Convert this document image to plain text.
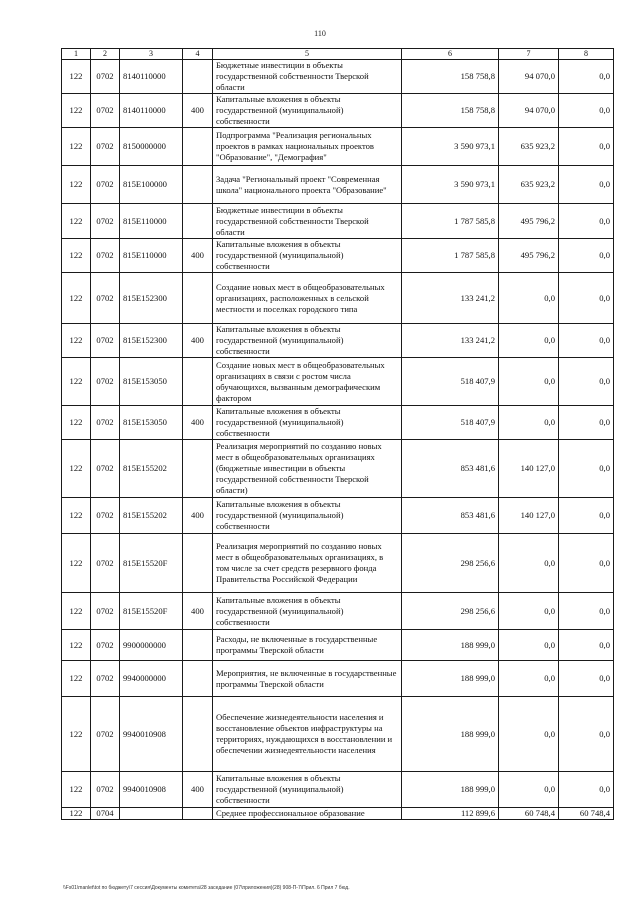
110
1	2	3	4	5	6	7	8
122	0702	8140110000		Бюджетные инвестиции в объекты государственной собственности Тверской области	158 758,8	94 070,0	0,0
122	0702	8140110000	400	Капитальные вложения в объекты государственной (муниципальной) собственности	158 758,8	94 070,0	0,0
122	0702	8150000000		Подпрограмма "Реализация региональных проектов в рамках национальных проектов "Образование", "Демография"	3 590 973,1	635 923,2	0,0
122	0702	815Е100000		Задача "Региональный проект "Современная школа" национального проекта "Образование"	3 590 973,1	635 923,2	0,0
122	0702	815Е110000		Бюджетные инвестиции в объекты государственной собственности Тверской области	1 787 585,8	495 796,2	0,0
122	0702	815Е110000	400	Капитальные вложения в объекты государственной (муниципальной) собственности	1 787 585,8	495 796,2	0,0
122	0702	815Е152300		Создание новых мест в общеобразовательных организациях, расположенных в сельской местности и поселках городского типа	133 241,2	0,0	0,0
122	0702	815Е152300	400	Капитальные вложения в объекты государственной (муниципальной) собственности	133 241,2	0,0	0,0
122	0702	815Е153050		Создание новых мест в общеобразовательных организациях в связи с ростом числа обучающихся, вызванным демографическим фактором	518 407,9	0,0	0,0
122	0702	815Е153050	400	Капитальные вложения в объекты государственной (муниципальной) собственности	518 407,9	0,0	0,0
122	0702	815Е155202		Реализация мероприятий по созданию новых мест в общеобразовательных организациях (бюджетные инвестиции в объекты государственной собственности Тверской области)	853 481,6	140 127,0	0,0
122	0702	815Е155202	400	Капитальные вложения в объекты государственной (муниципальной) собственности	853 481,6	140 127,0	0,0
122	0702	815Е15520F		Реализация мероприятий по созданию новых мест в общеобразовательных организациях, в том числе за счет средств резервного фонда Правительства Российской Федерации	298 256,6	0,0	0,0
122	0702	815Е15520F	400	Капитальные вложения в объекты государственной (муниципальной) собственности	298 256,6	0,0	0,0
122	0702	9900000000		Расходы, не включенные в государственные программы Тверской области	188 999,0	0,0	0,0
122	0702	9940000000		Мероприятия, не включенные в государственные программы Тверской области	188 999,0	0,0	0,0
122	0702	9940010908		Обеспечение жизнедеятельности населения и восстановление объектов инфраструктуры на территориях, нуждающихся в восстановлении и обеспечении жизнедеятельности населения	188 999,0	0,0	0,0
122	0702	9940010908	400	Капитальные вложения в объекты государственной (муниципальной) собственности	188 999,0	0,0	0,0
122	0704			Среднее профессиональное образование	112 899,6	60 748,4	60 748,4
\\Fs01\manlet\tot по бюджету\7 сессия\Документы комитета\28 заседание (07\приложения)(28) 908-П-7\Прил. 6 Прил 7 бюд.
